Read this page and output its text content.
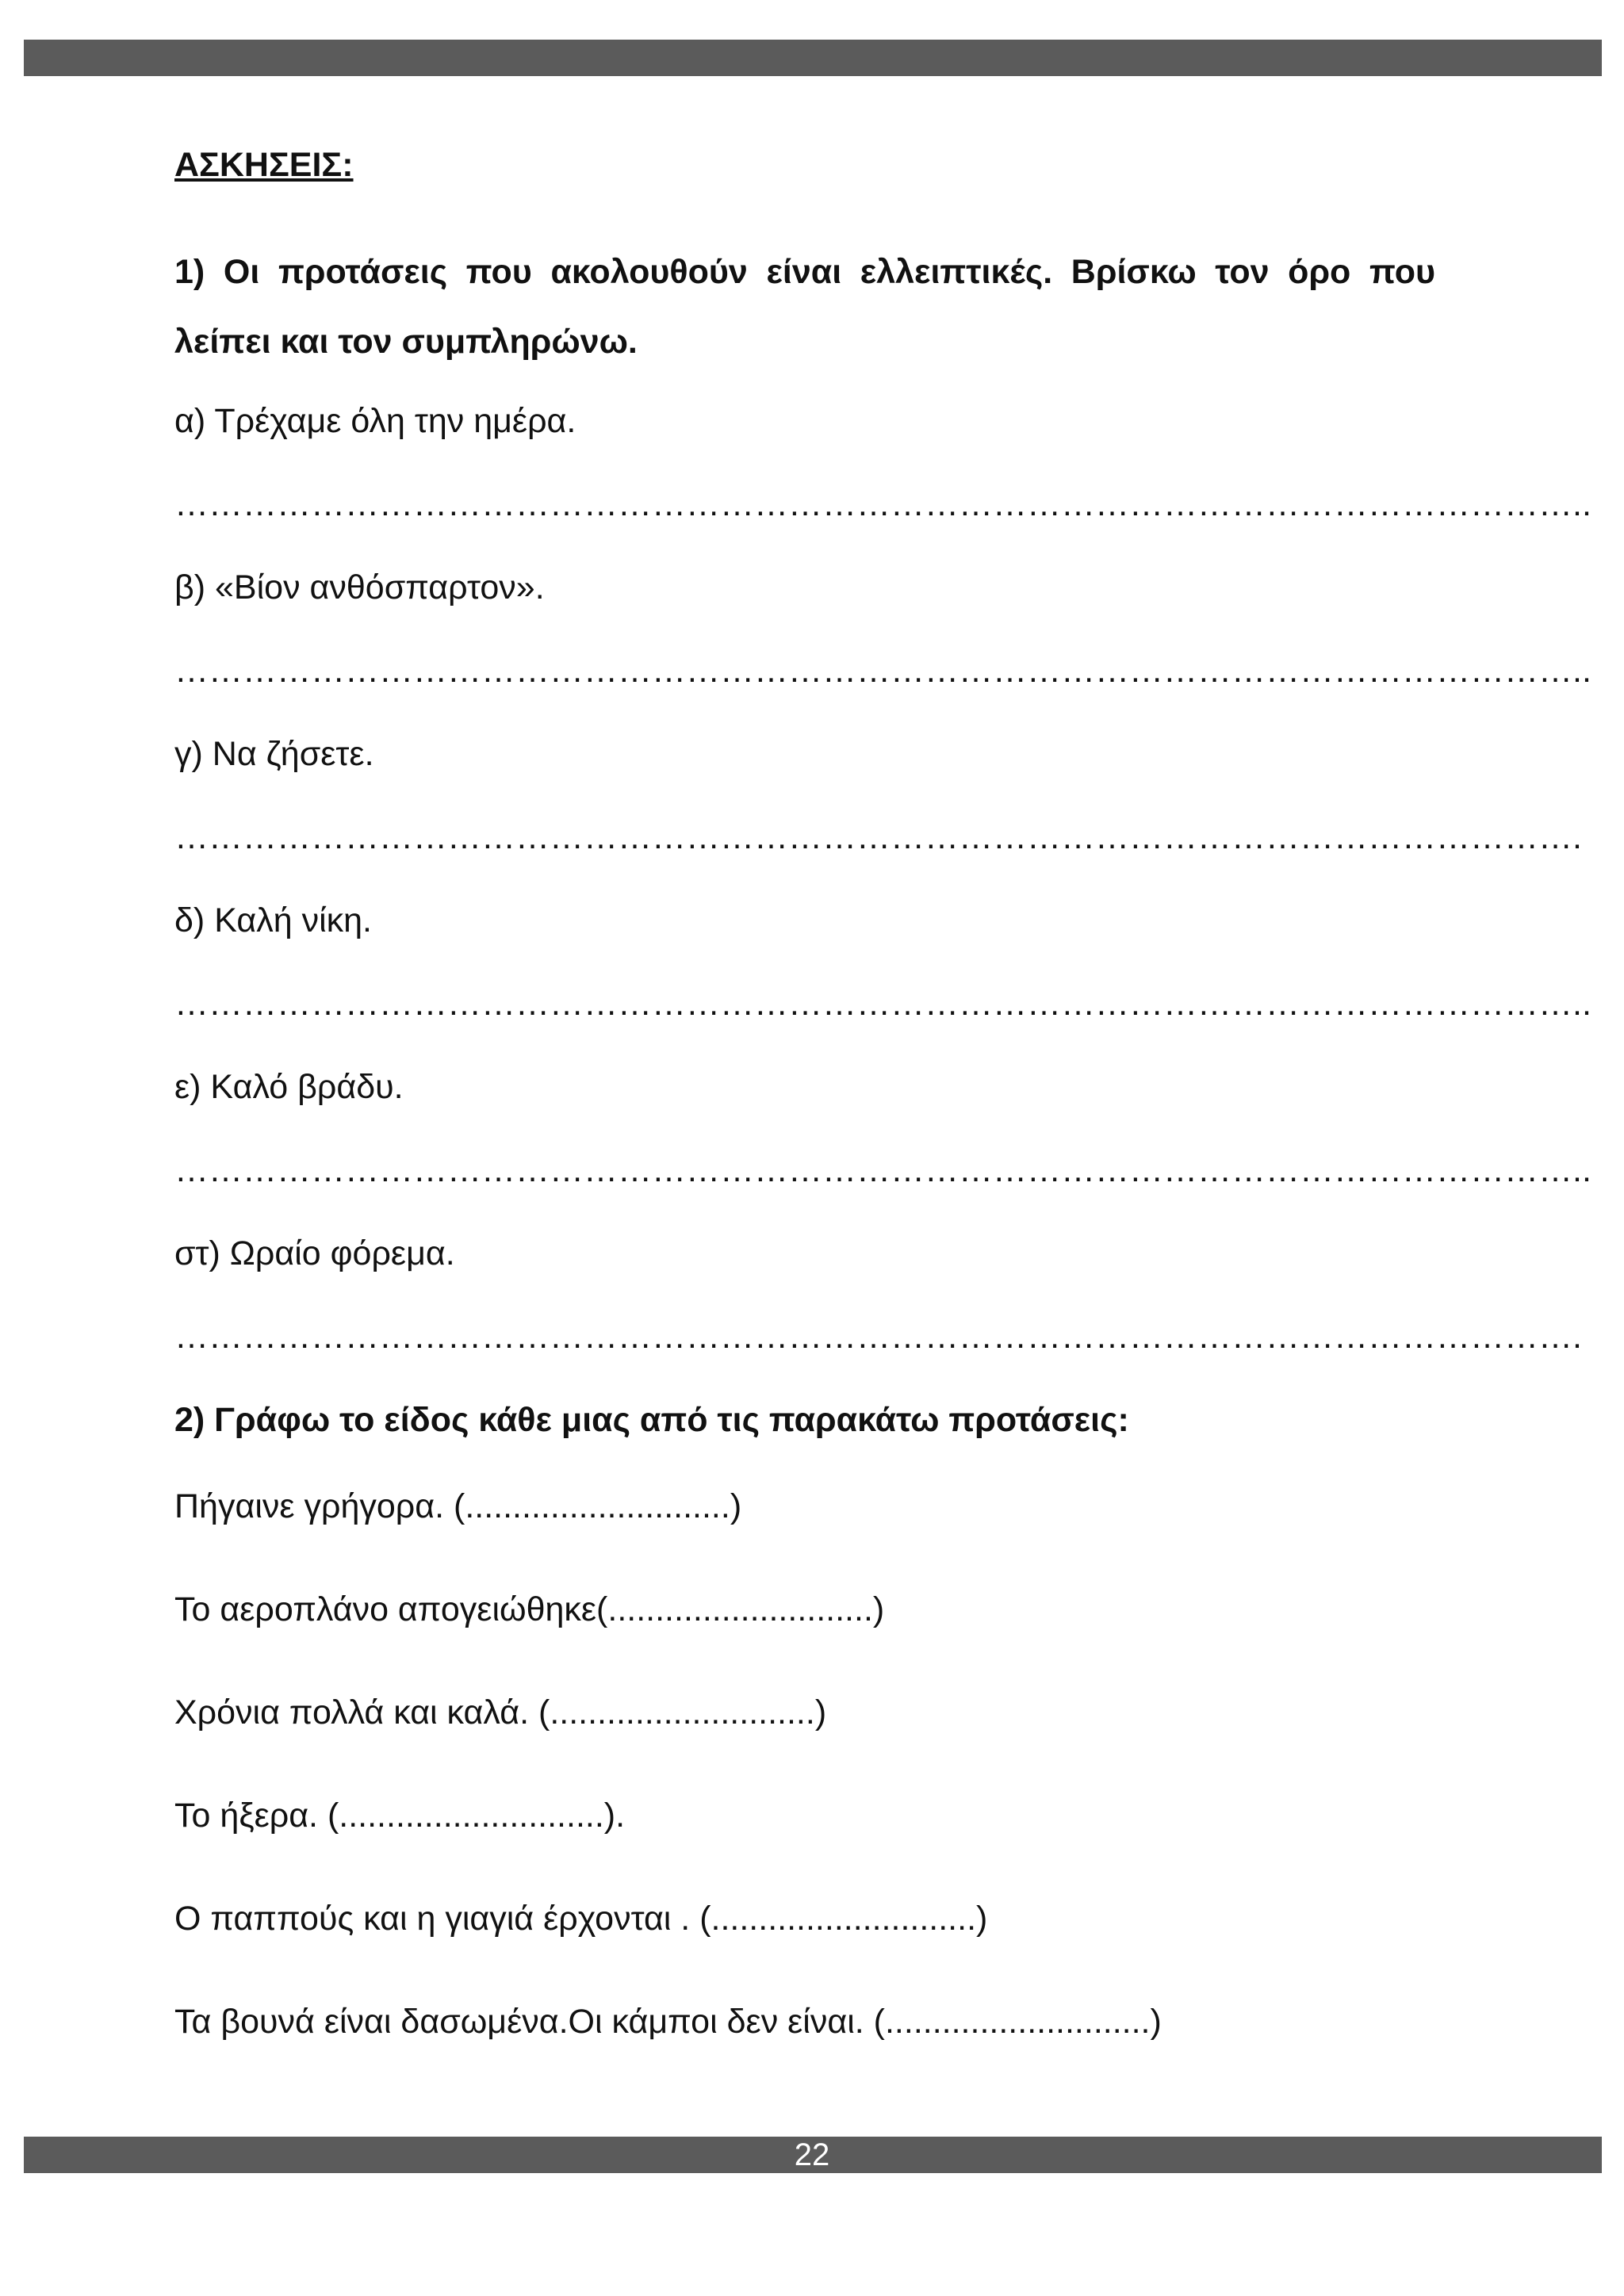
ΑΣΚΗΣΕΙΣ:

1) Οι προτάσεις που ακολουθούν είναι ελλειπτικές. Βρίσκω τον όρο που λείπει και τον συμπληρώνω.

α) Τρέχαμε όλη την ημέρα.

……………………………………………………………………………………………………………..

β) «Βίον ανθόσπαρτον».

……………………………………………………………………………………………………………..

γ) Να ζήσετε.

…………………………………………………………………………………………………………….

δ) Καλή νίκη.

……………………………………………………………………………………………………………..

ε) Καλό βράδυ.

……………………………………………………………………………………………………………..

στ) Ωραίο φόρεμα.

…………………………………………………………………………………………………………….

2) Γράφω το είδος κάθε μιας από τις παρακάτω προτάσεις:

Πήγαινε γρήγορα. (............................)

Το αεροπλάνο απογειώθηκε(............................)

Χρόνια πολλά και καλά. (............................)

Το ήξερα. (............................).

Ο παππούς και η γιαγιά έρχονται . (............................)

Τα βουνά είναι δασωμένα.Οι κάμποι δεν είναι. (............................)

22
